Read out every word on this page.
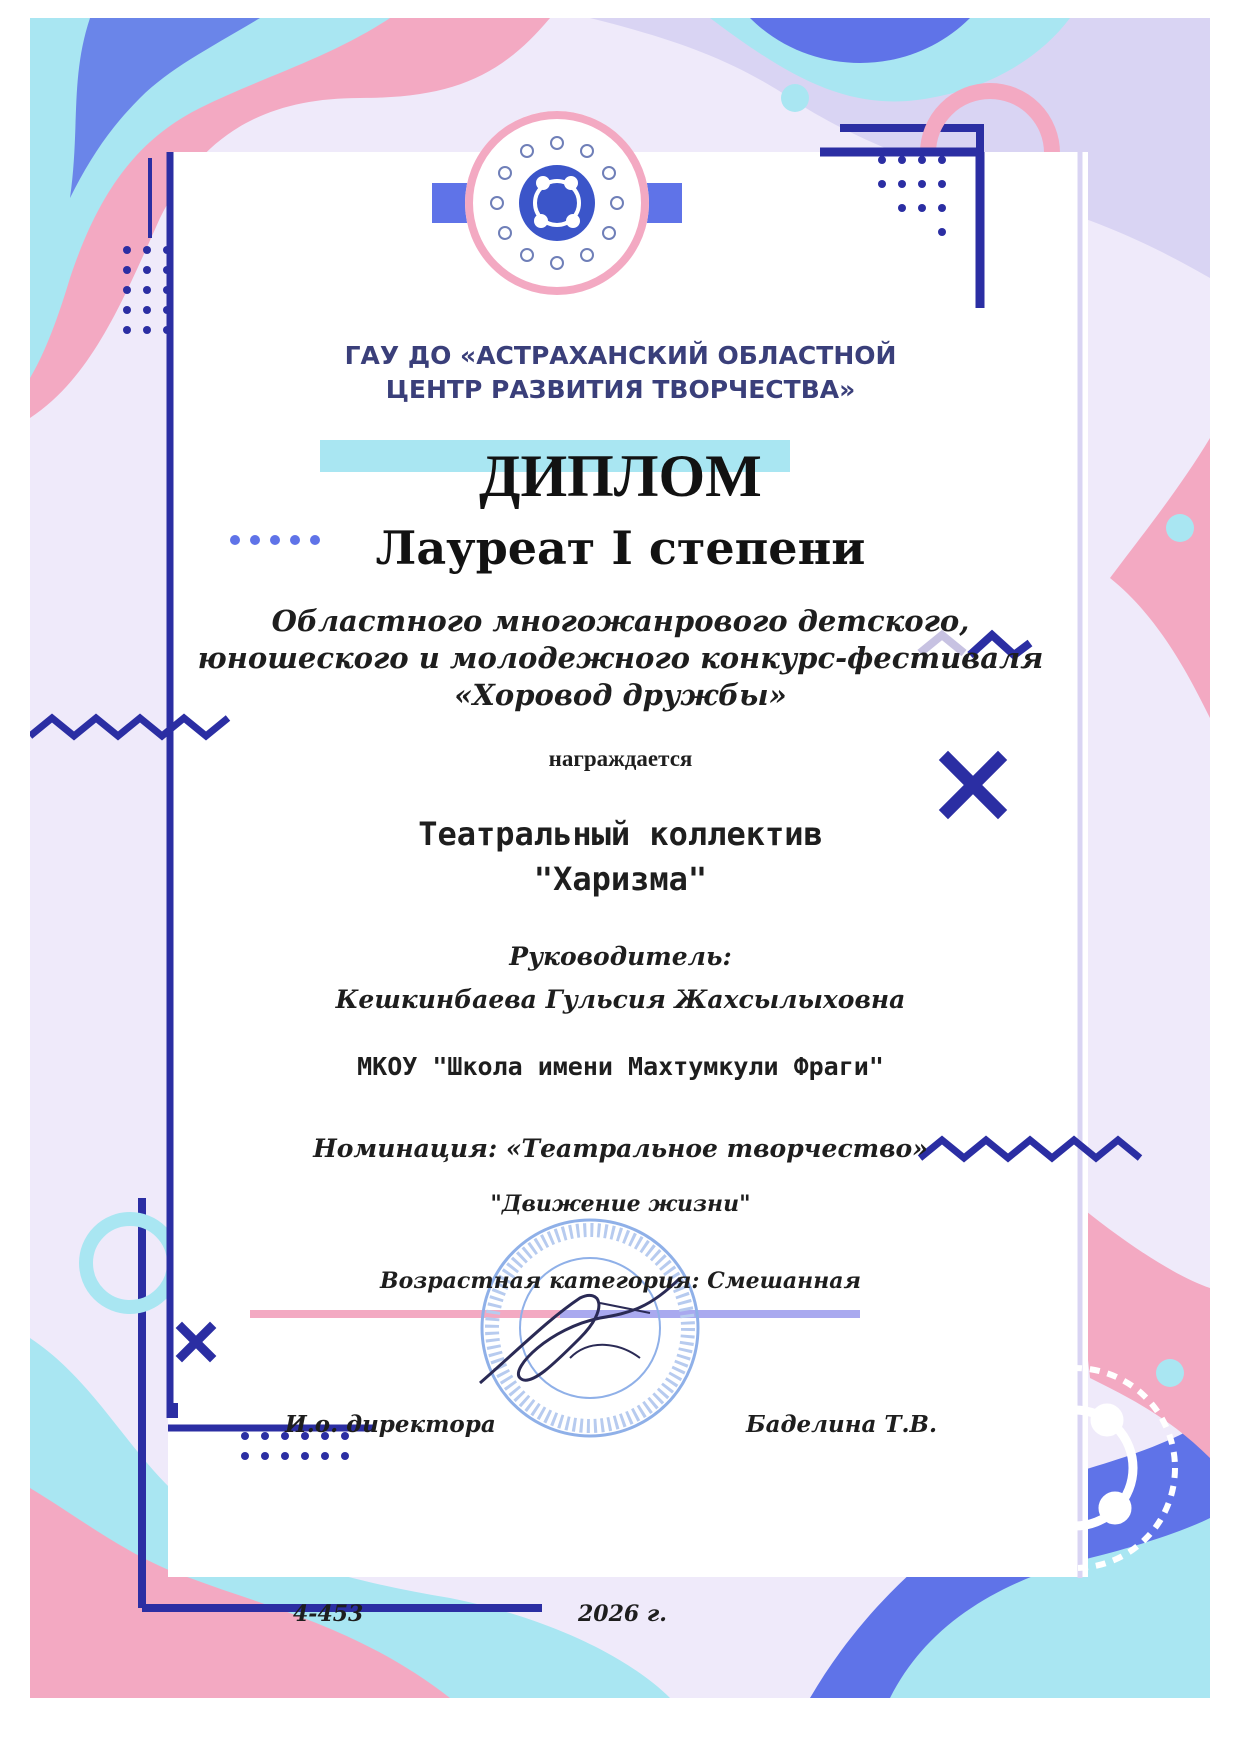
ГАУ ДО «АСТРАХАНСКИЙ ОБЛАСТНОЙ
ЦЕНТР РАЗВИТИЯ ТВОРЧЕСТВА»
ДИПЛОМ
Лауреат I степени
Областного многожанрового детского,
юношеского и молодежного конкурс-фестиваля
«Хоровод дружбы»
награждается
Театральный коллектив
"Харизма"
Руководитель:
Кешкинбаева Гульсия Жахсылыховна
МКОУ "Школа имени Махтумкули Фраги"
Номинация: «Театральное творчество»
"Движение жизни"
Возрастная категория: Смешанная
И.о. директора	Баделина Т.В.
4-453	2026 г.
